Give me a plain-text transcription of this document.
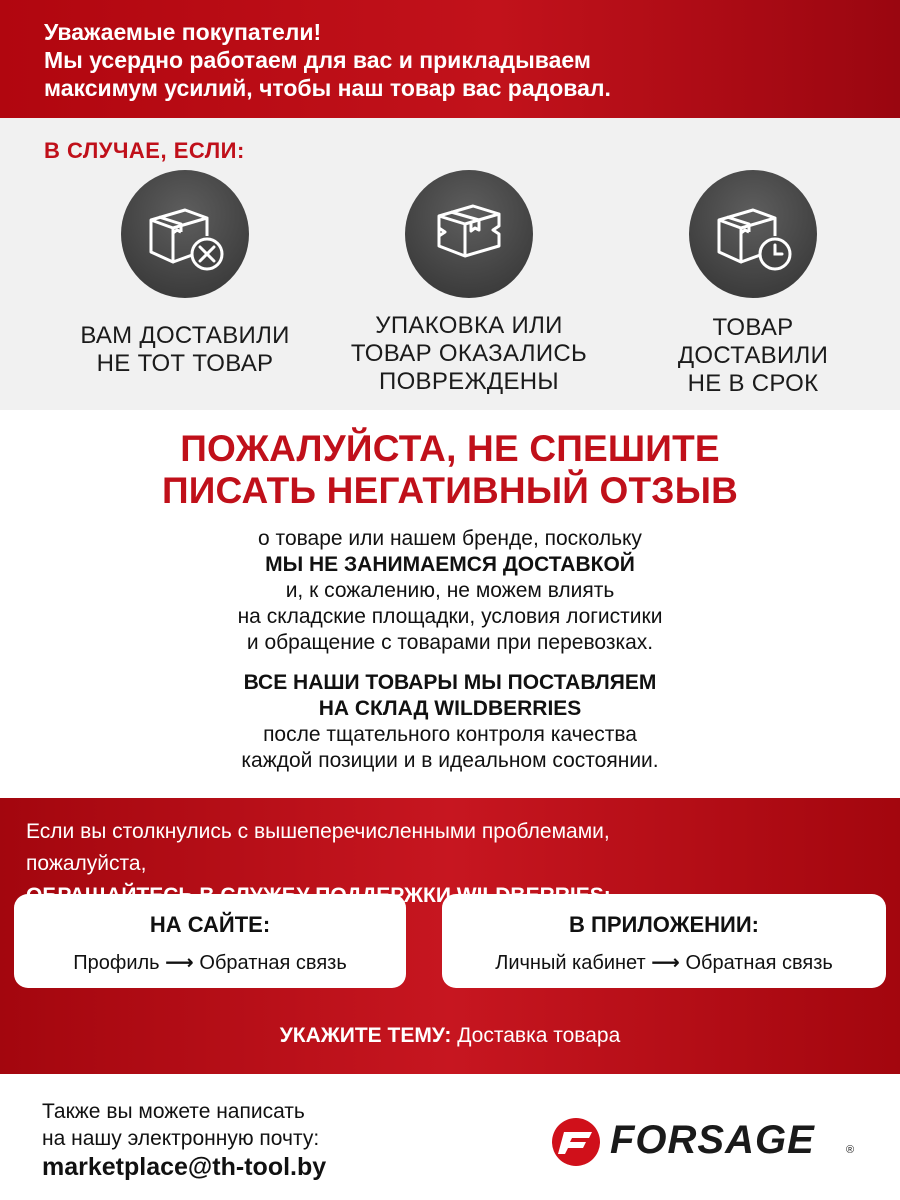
Уважаемые покупатели!
Мы усердно работаем для вас и прикладываем
максимум усилий, чтобы наш товар вас радовал.
В СЛУЧАЕ, ЕСЛИ:
ВАМ ДОСТАВИЛИ
НЕ ТОТ ТОВАР
УПАКОВКА ИЛИ
ТОВАР ОКАЗАЛИСЬ
ПОВРЕЖДЕНЫ
ТОВАР
ДОСТАВИЛИ
НЕ В СРОК
ПОЖАЛУЙСТА, НЕ СПЕШИТЕ
ПИСАТЬ НЕГАТИВНЫЙ ОТЗЫВ
о товаре или нашем бренде, поскольку
МЫ НЕ ЗАНИМАЕМСЯ ДОСТАВКОЙ
и, к сожалению, не можем влиять
на складские площадки, условия логистики
и обращение с товарами при перевозках.
ВСЕ НАШИ ТОВАРЫ МЫ ПОСТАВЛЯЕМ
НА СКЛАД WILDBERRIES
после тщательного контроля качества
каждой позиции и в идеальном состоянии.
Если вы столкнулись с вышеперечисленными проблемами,
пожалуйста,
НА САЙТЕ:
Профиль ⟶ Обратная связь
В ПРИЛОЖЕНИИ:
Личный кабинет ⟶ Обратная связь
УКАЖИТЕ ТЕМУ: Доставка товара
Также вы можете написать
на нашу электронную почту:
marketplace@th-tool.by
FORSAGE	®
